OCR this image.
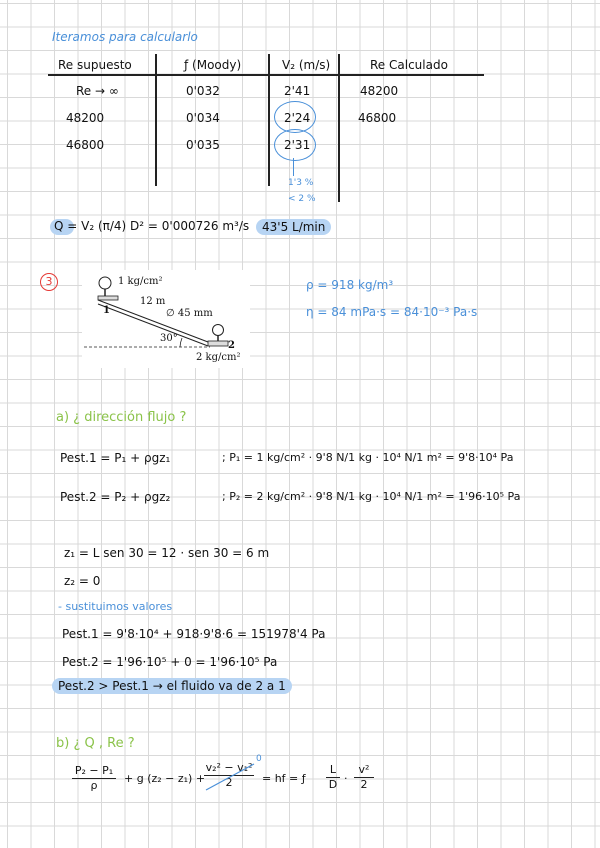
Iteramos para calcularlo
Re supuesto	ƒ (Moody)	V₂ (m/s)	Re Calculado
Re → ∞	0'032	2'41	48200
48200	0'034	2'24	46800
46800	0'035	2'31
1'3 %
< 2 %
Q = V₂ (π/4) D² = 0'000726 m³/s	43'5 L/min
3	1 kg/cm²
12 m
∅ 45 mm
30°
2 kg/cm²
1
2
ρ = 918 kg/m³
η = 84 mPa·s = 84·10⁻³ Pa·s
a) ¿ dirección flujo ?
Pest.1 = P₁ + ρgz₁	; P₁ = 1 kg/cm² · 9'8 N/1 kg · 10⁴ N/1 m² = 9'8·10⁴ Pa
Pest.2 = P₂ + ρgz₂	; P₂ = 2 kg/cm² · 9'8 N/1 kg · 10⁴ N/1 m² = 1'96·10⁵ Pa
z₁ = L sen 30 = 12 · sen 30 = 6 m
z₂ = 0
- sustituimos valores
Pest.1 = 9'8·10⁴ + 918·9'8·6 = 151978'4 Pa
Pest.2 = 1'96·10⁵ + 0 = 1'96·10⁵ Pa
Pest.2 > Pest.1 → el fluido va de 2 a 1
b) ¿ Q , Re ?
P₂ − P₁
ρ
+ g (z₂ − z₁) +
v₂² − v₁²
2
0
= hf = ƒ
L
D ·
v²
2
